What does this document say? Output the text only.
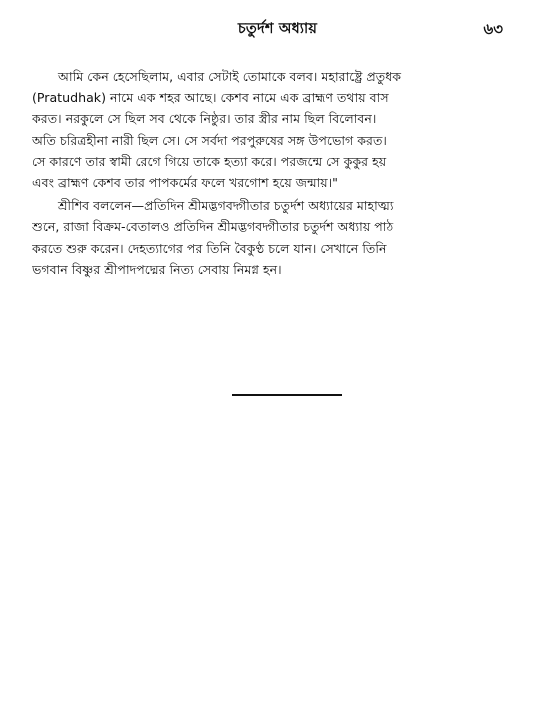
চতুর্দশ অধ্যায়	৬৩
আমি কেন হেসেছিলাম, এবার সেটাই তোমাকে বলব। মহারাষ্ট্রে প্রতুধক
(Pratudhak) নামে এক শহর আছে। কেশব নামে এক ব্রাহ্মণ তথায় বাস
করত। নরকুলে সে ছিল সব থেকে নিষ্ঠুর। তার স্ত্রীর নাম ছিল বিলোবন।
অতি চরিত্রহীনা নারী ছিল সে। সে সর্বদা পরপুরুষের সঙ্গ উপভোগ করত।
সে কারণে তার স্বামী রেগে গিয়ে তাকে হত্যা করে। পরজন্মে সে কুকুর হয়
এবং ব্রাহ্মণ কেশব তার পাপকর্মের ফলে খরগোশ হয়ে জন্মায়।"
শ্রীশিব বললেন—প্রতিদিন শ্রীমদ্ভগবদ্গীতার চতুর্দশ অধ্যায়ের মাহাত্ম্য
শুনে, রাজা বিক্রম-বেতালও প্রতিদিন শ্রীমদ্ভগবদ্গীতার চতুর্দশ অধ্যায় পাঠ
করতে শুরু করেন। দেহত্যাগের পর তিনি বৈকুণ্ঠ চলে যান। সেখানে তিনি
ভগবান বিষ্ণুর শ্রীপাদপদ্মের নিত্য সেবায় নিমগ্ন হন।
